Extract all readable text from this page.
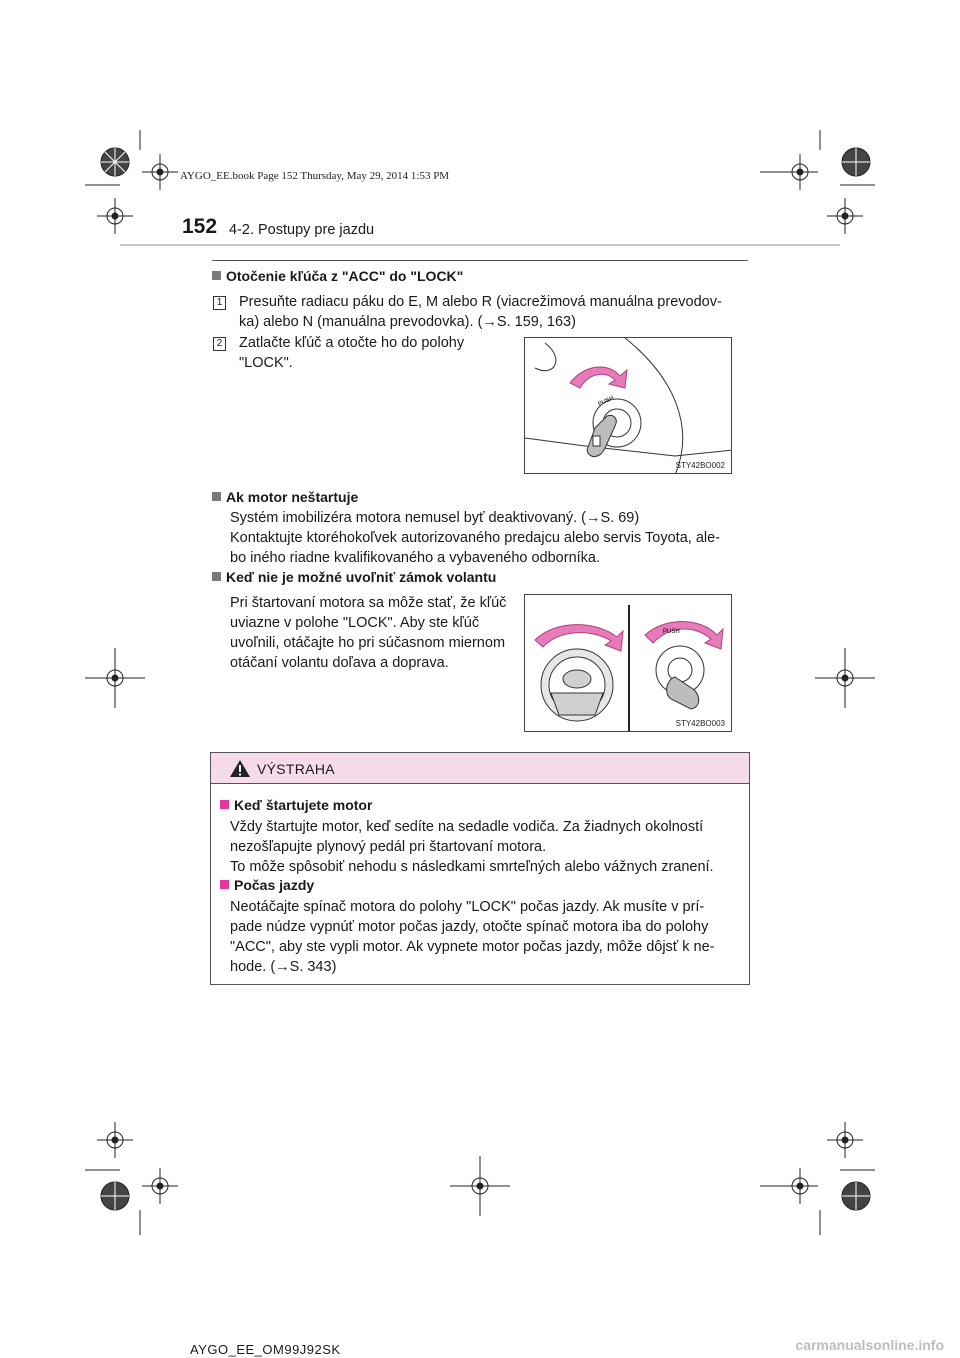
AYGO_EE.book Page 152 Thursday, May 29, 2014 1:53 PM
152 4-2. Postupy pre jazdu
Otočenie kľúča z "ACC" do "LOCK"
1 Presuňte radiacu páku do E, M alebo R (viacrežimová manuálna prevodov-
ka) alebo N (manuálna prevodovka). (→S. 159, 163)
2 Zatlačte kľúč a otočte ho do polohy
"LOCK".
PUSH
STY42BO002
Ak motor neštartuje
Systém imobilizéra motora nemusel byť deaktivovaný. (→S. 69)
Kontaktujte ktoréhokoľvek autorizovaného predajcu alebo servis Toyota, ale-
bo iného riadne kvalifikovaného a vybaveného odborníka.
Keď nie je možné uvoľniť zámok volantu
Pri štartovaní motora sa môže stať, že kľúč
uviazne v polohe "LOCK". Aby ste kľúč
uvoľnili, otáčajte ho pri súčasnom miernom
otáčaní volantu doľava a doprava.
PUSH
STY42BO003
VÝSTRAHA
Keď štartujete motor
Vždy štartujte motor, keď sedíte na sedadle vodiča. Za žiadnych okolností
nezošľapujte plynový pedál pri štartovaní motora.
To môže spôsobiť nehodu s následkami smrteľných alebo vážnych zranení.
Počas jazdy
Neotáčajte spínač motora do polohy "LOCK" počas jazdy. Ak musíte v prí-
pade núdze vypnúť motor počas jazdy, otočte spínač motora iba do polohy
"ACC", aby ste vypli motor. Ak vypnete motor počas jazdy, môže dôjsť k ne-
hode. (→S. 343)
AYGO_EE_OM99J92SK	carmanualsonline.info
